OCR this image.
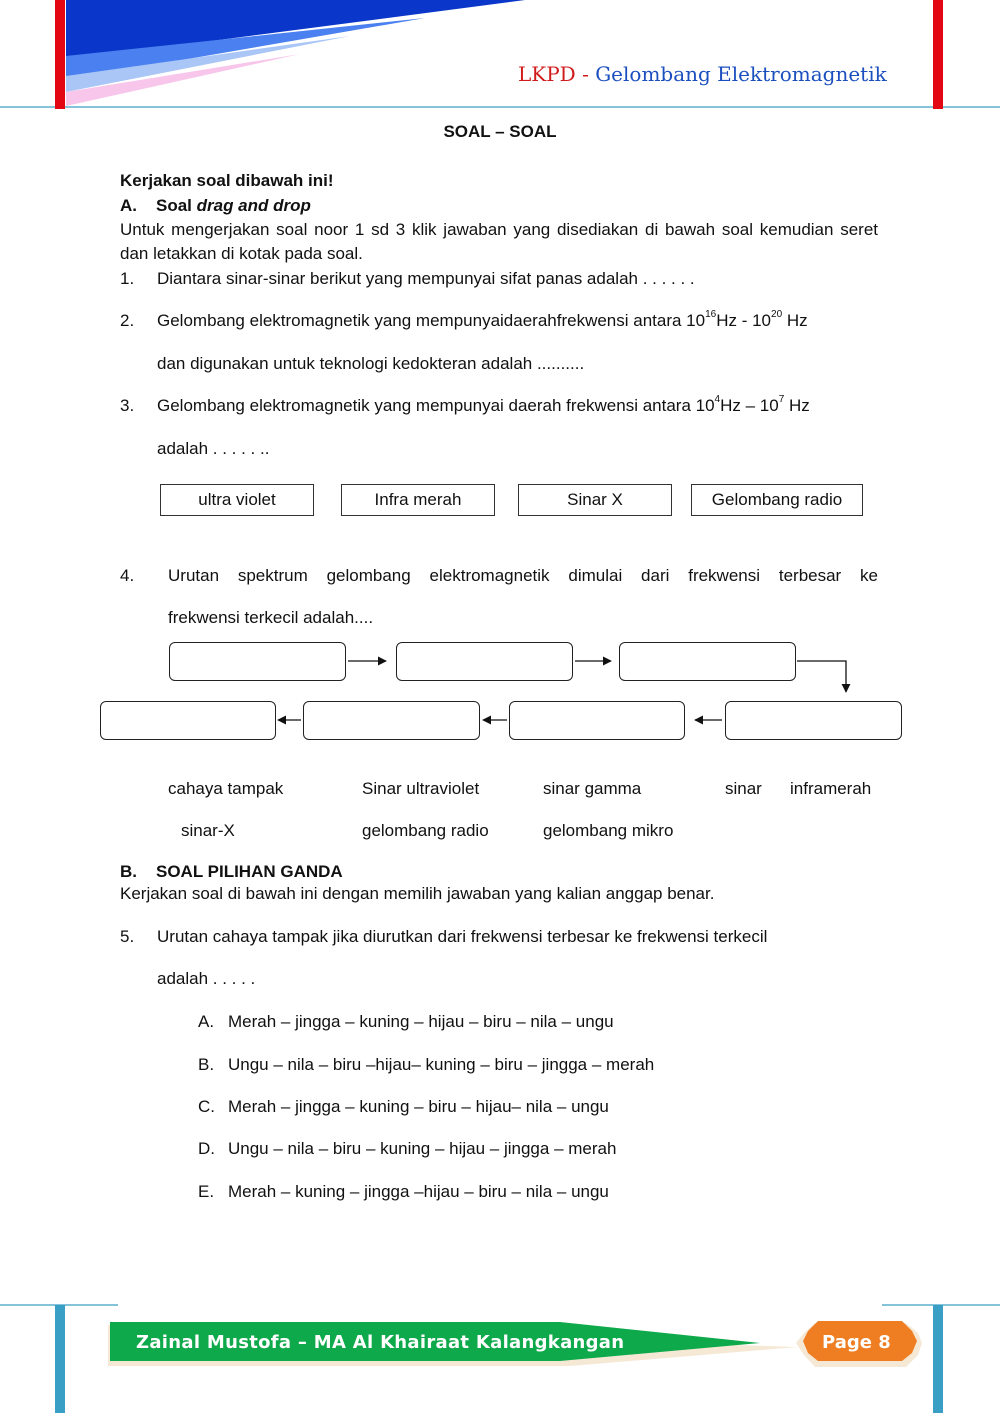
LKPD - Gelombang Elektromagnetik
SOAL – SOAL
Kerjakan soal dibawah ini!
A. Soal drag and drop
Untuk mengerjakan soal noor 1 sd 3 klik jawaban yang disediakan di bawah soal kemudian seret dan letakkan di kotak pada soal.
1. Diantara sinar-sinar berikut yang mempunyai sifat panas adalah . . . . . .
2. Gelombang elektromagnetik yang mempunyaidaerahfrekwensi antara $10^{16}Hz - 10^{20}$ Hz
dan digunakan untuk teknologi kedokteran adalah ..........
3. Gelombang elektromagnetik yang mempunyai daerah frekwensi antara $10^4Hz - 10^7$ Hz
adalah . . . . . ..
ultra violet	Infra merah	Sinar X	Gelombang radio
4. Urutan spektrum gelombang elektromagnetik dimulai dari frekwensi terbesar ke
frekwensi terkecil adalah....
cahaya tampak	Sinar ultraviolet	sinar gamma	sinar inframerah
sinar-X	gelombang radio	gelombang mikro
B. SOAL PILIHAN GANDA
Kerjakan soal di bawah ini dengan memilih jawaban yang kalian anggap benar.
5. Urutan cahaya tampak jika diurutkan dari frekwensi terbesar ke frekwensi terkecil
adalah . . . . .
A. Merah – jingga – kuning – hijau – biru – nila – ungu
B. Ungu – nila – biru –hijau– kuning – biru – jingga – merah
C. Merah – jingga – kuning – biru – hijau– nila – ungu
D. Ungu – nila – biru – kuning – hijau – jingga – merah
E. Merah – kuning – jingga –hijau – biru – nila – ungu
Zainal Mustofa – MA Al Khairaat Kalangkangan	Page 8
